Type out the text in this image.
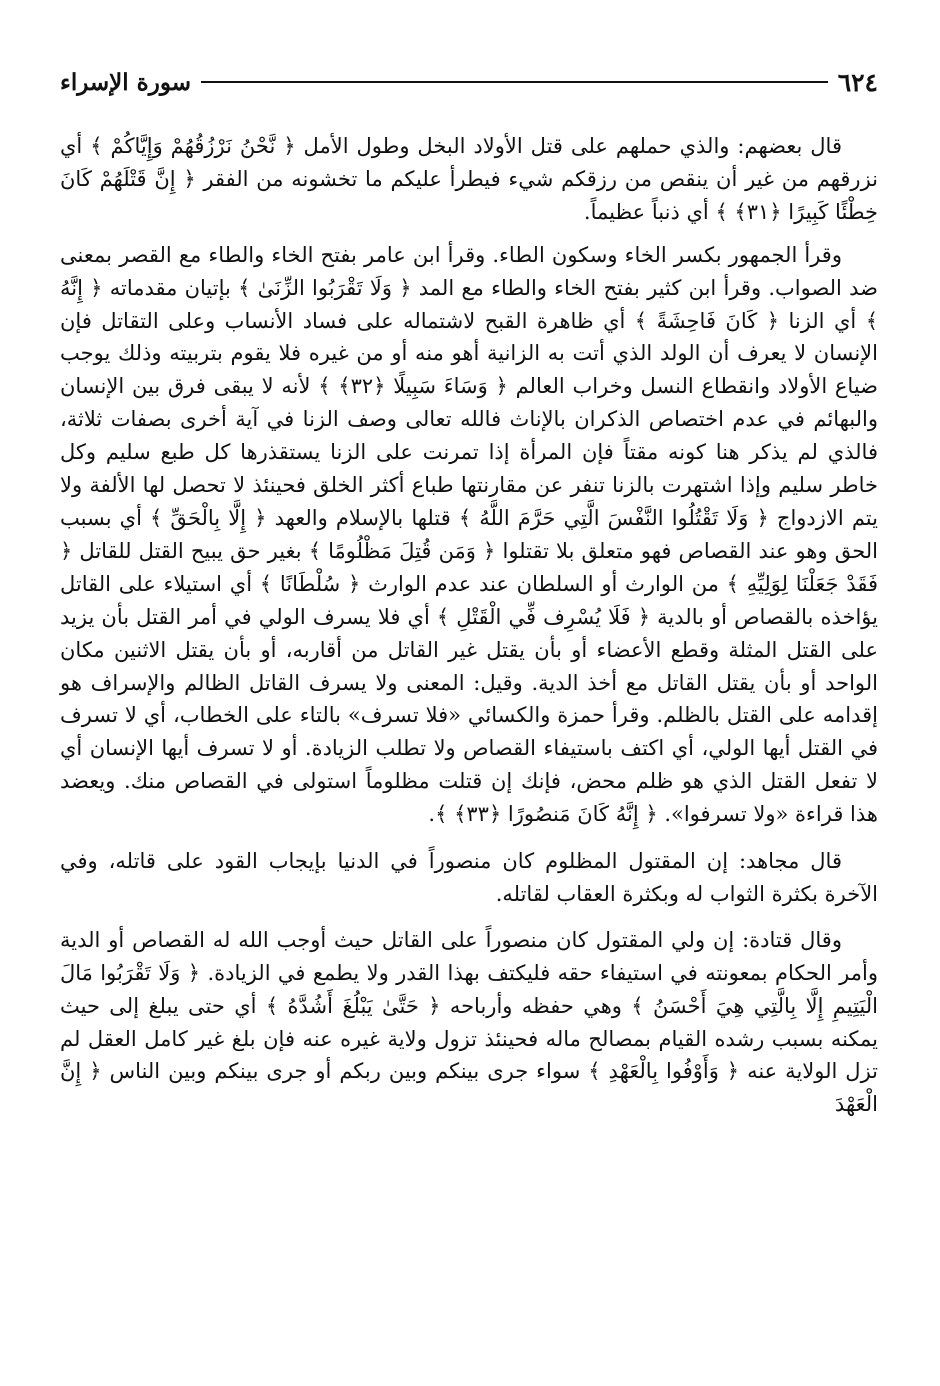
٦٢٤
سورة الإسراء

قال بعضهم: والذي حملهم على قتل الأولاد البخل وطول الأمل ﴿ نَّحْنُ نَرْزُقُهُمْ وَإِيَّاكُمْ ﴾ أي نزرقهم من غير أن ينقص من رزقكم شيء فيطرأ عليكم ما تخشونه من الفقر ﴿ إِنَّ قَتْلَهُمْ كَانَ خِطْئًا كَبِيرًا ﴿٣١﴾ ﴾ أي ذنباً عظيماً.

وقرأ الجمهور بكسر الخاء وسكون الطاء. وقرأ ابن عامر بفتح الخاء والطاء مع القصر بمعنى ضد الصواب. وقرأ ابن كثير بفتح الخاء والطاء مع المد ﴿ وَلَا تَقْرَبُوا الزِّنَىٰ ﴾ بإتيان مقدماته ﴿ إِنَّهُ ﴾ أي الزنا ﴿ كَانَ فَاحِشَةً ﴾ أي ظاهرة القبح لاشتماله على فساد الأنساب وعلى التقاتل فإن الإنسان لا يعرف أن الولد الذي أتت به الزانية أهو منه أو من غيره فلا يقوم بتربيته وذلك يوجب ضياع الأولاد وانقطاع النسل وخراب العالم ﴿ وَسَاءَ سَبِيلًا ﴿٣٢﴾ ﴾ لأنه لا يبقى فرق بين الإنسان والبهائم في عدم اختصاص الذكران بالإناث فالله تعالى وصف الزنا في آية أخرى بصفات ثلاثة، فالذي لم يذكر هنا كونه مقتاً فإن المرأة إذا تمرنت على الزنا يستقذرها كل طبع سليم وكل خاطر سليم وإذا اشتهرت بالزنا تنفر عن مقارنتها طباع أكثر الخلق فحينئذ لا تحصل لها الألفة ولا يتم الازدواج ﴿ وَلَا تَقْتُلُوا النَّفْسَ الَّتِي حَرَّمَ اللَّهُ ﴾ قتلها بالإسلام والعهد ﴿ إِلَّا بِالْحَقِّ ﴾ أي بسبب الحق وهو عند القصاص فهو متعلق بلا تقتلوا ﴿ وَمَن قُتِلَ مَظْلُومًا ﴾ بغير حق يبيح القتل للقاتل ﴿ فَقَدْ جَعَلْنَا لِوَلِيِّهِ ﴾ من الوارث أو السلطان عند عدم الوارث ﴿ سُلْطَانًا ﴾ أي استيلاء على القاتل يؤاخذه بالقصاص أو بالدية ﴿ فَلَا يُسْرِف فِّي الْقَتْلِ ﴾ أي فلا يسرف الولي في أمر القتل بأن يزيد على القتل المثلة وقطع الأعضاء أو بأن يقتل غير القاتل من أقاربه، أو بأن يقتل الاثنين مكان الواحد أو بأن يقتل القاتل مع أخذ الدية. وقيل: المعنى ولا يسرف القاتل الظالم والإسراف هو إقدامه على القتل بالظلم. وقرأ حمزة والكسائي «فلا تسرف» بالتاء على الخطاب، أي لا تسرف في القتل أيها الولي، أي اكتف باستيفاء القصاص ولا تطلب الزيادة. أو لا تسرف أيها الإنسان أي لا تفعل القتل الذي هو ظلم محض، فإنك إن قتلت مظلوماً استولى في القصاص منك. ويعضد هذا قراءة «ولا تسرفوا». ﴿ إِنَّهُ كَانَ مَنصُورًا ﴿٣٣﴾ ﴾.

قال مجاهد: إن المقتول المظلوم كان منصوراً في الدنيا بإيجاب القود على قاتله، وفي الآخرة بكثرة الثواب له وبكثرة العقاب لقاتله.

وقال قتادة: إن ولي المقتول كان منصوراً على القاتل حيث أوجب الله له القصاص أو الدية وأمر الحكام بمعونته في استيفاء حقه فليكتف بهذا القدر ولا يطمع في الزيادة. ﴿ وَلَا تَقْرَبُوا مَالَ الْيَتِيمِ إِلَّا بِالَّتِي هِيَ أَحْسَنُ ﴾ وهي حفظه وأرباحه ﴿ حَتَّىٰ يَبْلُغَ أَشُدَّهُ ﴾ أي حتى يبلغ إلى حيث يمكنه بسبب رشده القيام بمصالح ماله فحينئذ تزول ولاية غيره عنه فإن بلغ غير كامل العقل لم تزل الولاية عنه ﴿ وَأَوْفُوا بِالْعَهْدِ ﴾ سواء جرى بينكم وبين ربكم أو جرى بينكم وبين الناس ﴿ إِنَّ الْعَهْدَ
